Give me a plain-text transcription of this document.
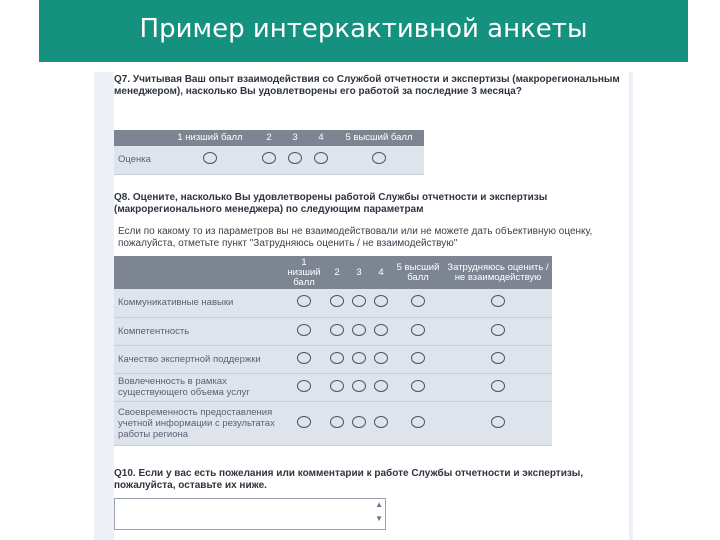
Пример интеркактивной анкеты
Q7. Учитывая Ваш опыт взаимодействия со Службой отчетности и экспертизы (макрорегиональным менеджером), насколько Вы удовлетворены его работой за последние 3 месяца?
	1 низший балл	2	3	4	5 высший балл
Оценка					
Q8. Оцените, насколько Вы удовлетворены работой Службы отчетности и экспертизы (макрорегионального менеджера) по следующим параметрам
Если по какому то из параметров вы не взаимодействовали или не можете дать объективную оценку, пожалуйста, отметьте пункт "Затрудняюсь оценить / не взаимодействую"
	1 низший балл	2	3	4	5 высший балл	Затрудняюсь оценить / не взаимодействую
Коммуникативные навыки						
Компетентность						
Качество экспертной поддержки						
Вовлеченность в рамках существующего объема услуг						
Своевременность предоставления учетной информации с результатах работы региона						
Q10. Если у вас есть пожелания или комментарии к работе Службы отчетности и экспертизы, пожалуйста, оставьте их ниже.
▲
▼
